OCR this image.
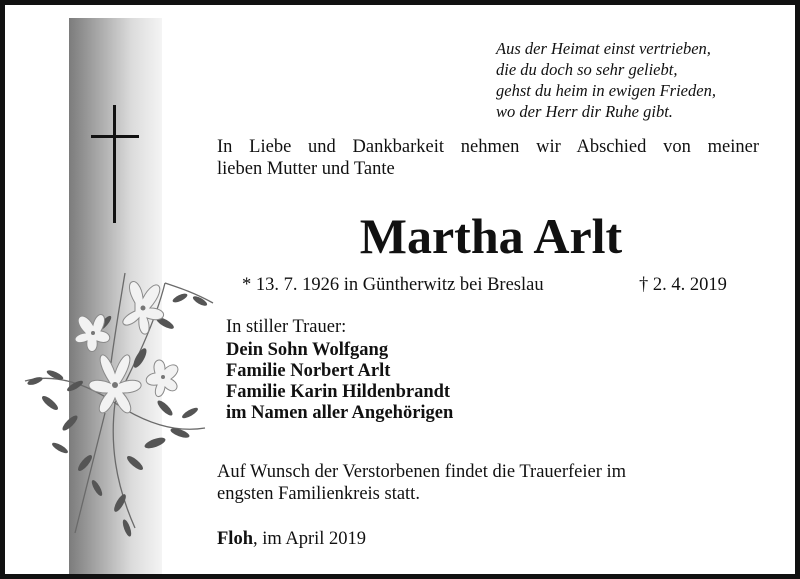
Aus der Heimat einst vertrieben,
die du doch so sehr geliebt,
gehst du heim in ewigen Frieden,
wo der Herr dir Ruhe gibt.
In Liebe und Dankbarkeit nehmen wir Abschied von meiner
lieben Mutter und Tante
Martha Arlt
* 13. 7. 1926 in Güntherwitz bei Breslau	† 2. 4. 2019
In stiller Trauer:
Dein Sohn Wolfgang
Familie Norbert Arlt
Familie Karin Hildenbrandt
im Namen aller Angehörigen
Auf Wunsch der Verstorbenen findet die Trauerfeier im
engsten Familienkreis statt.
Floh, im April 2019
